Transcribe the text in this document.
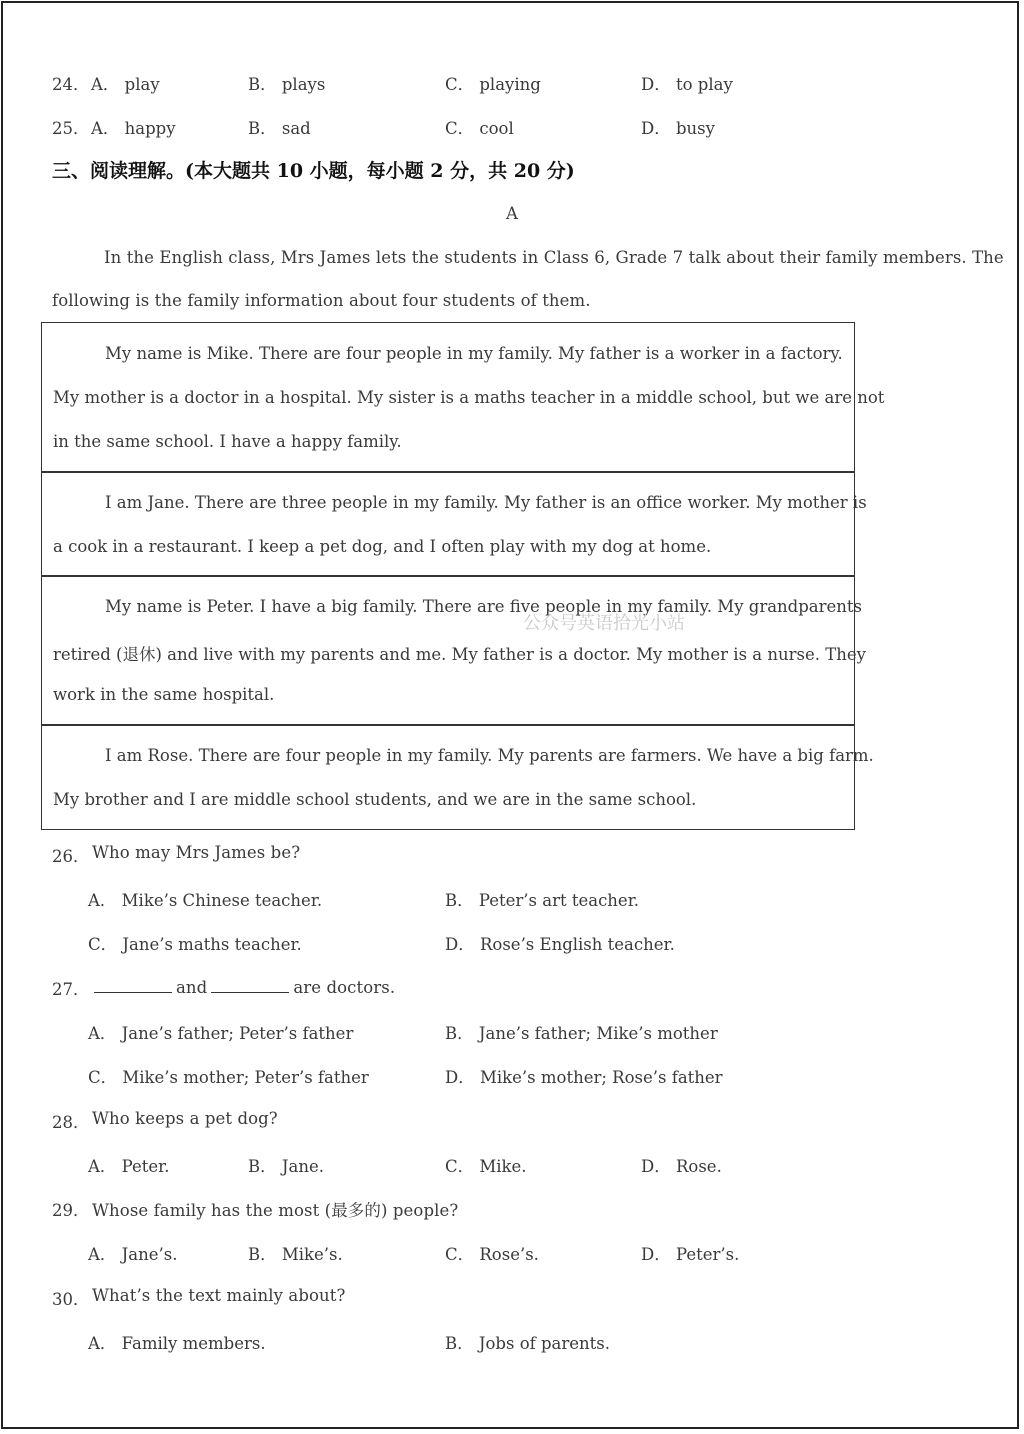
24． A． play	B． plays	C． playing	D． to play
25． A． happy	B． sad	C． cool	D． busy
三、阅读理解。(本大题共 10 小题，每小题 2 分，共 20 分)
A
In the English class, Mrs James lets the students in Class 6, Grade 7 talk about their family members. The
following is the family information about four students of them.
My name is Mike. There are four people in my family. My father is a worker in a factory.
My mother is a doctor in a hospital. My sister is a maths teacher in a middle school, but we are not
in the same school. I have a happy family.
I am Jane. There are three people in my family. My father is an office worker. My mother is
a cook in a restaurant. I keep a pet dog, and I often play with my dog at home.
My name is Peter. I have a big family. There are five people in my family. My grandparents
retired (退休) and live with my parents and me. My father is a doctor. My mother is a nurse. They
work in the same hospital.
I am Rose. There are four people in my family. My parents are farmers. We have a big farm.
My brother and I are middle school students, and we are in the same school.
公众号英语拾光小站
26． Who may Mrs James be?
A． Mike’s Chinese teacher.	B． Peter’s art teacher.
C． Jane’s maths teacher.	D． Rose’s English teacher.
27．	and	are doctors.
A． Jane’s father; Peter’s father	B． Jane’s father; Mike’s mother
C． Mike’s mother; Peter’s father	D． Mike’s mother; Rose’s father
28． Who keeps a pet dog?
A． Peter.	B． Jane.	C． Mike.	D． Rose.
29． Whose family has the most (最多的) people?
A． Jane’s.	B． Mike’s.	C． Rose’s.	D． Peter’s.
30． What’s the text mainly about?
A． Family members.	B． Jobs of parents.
